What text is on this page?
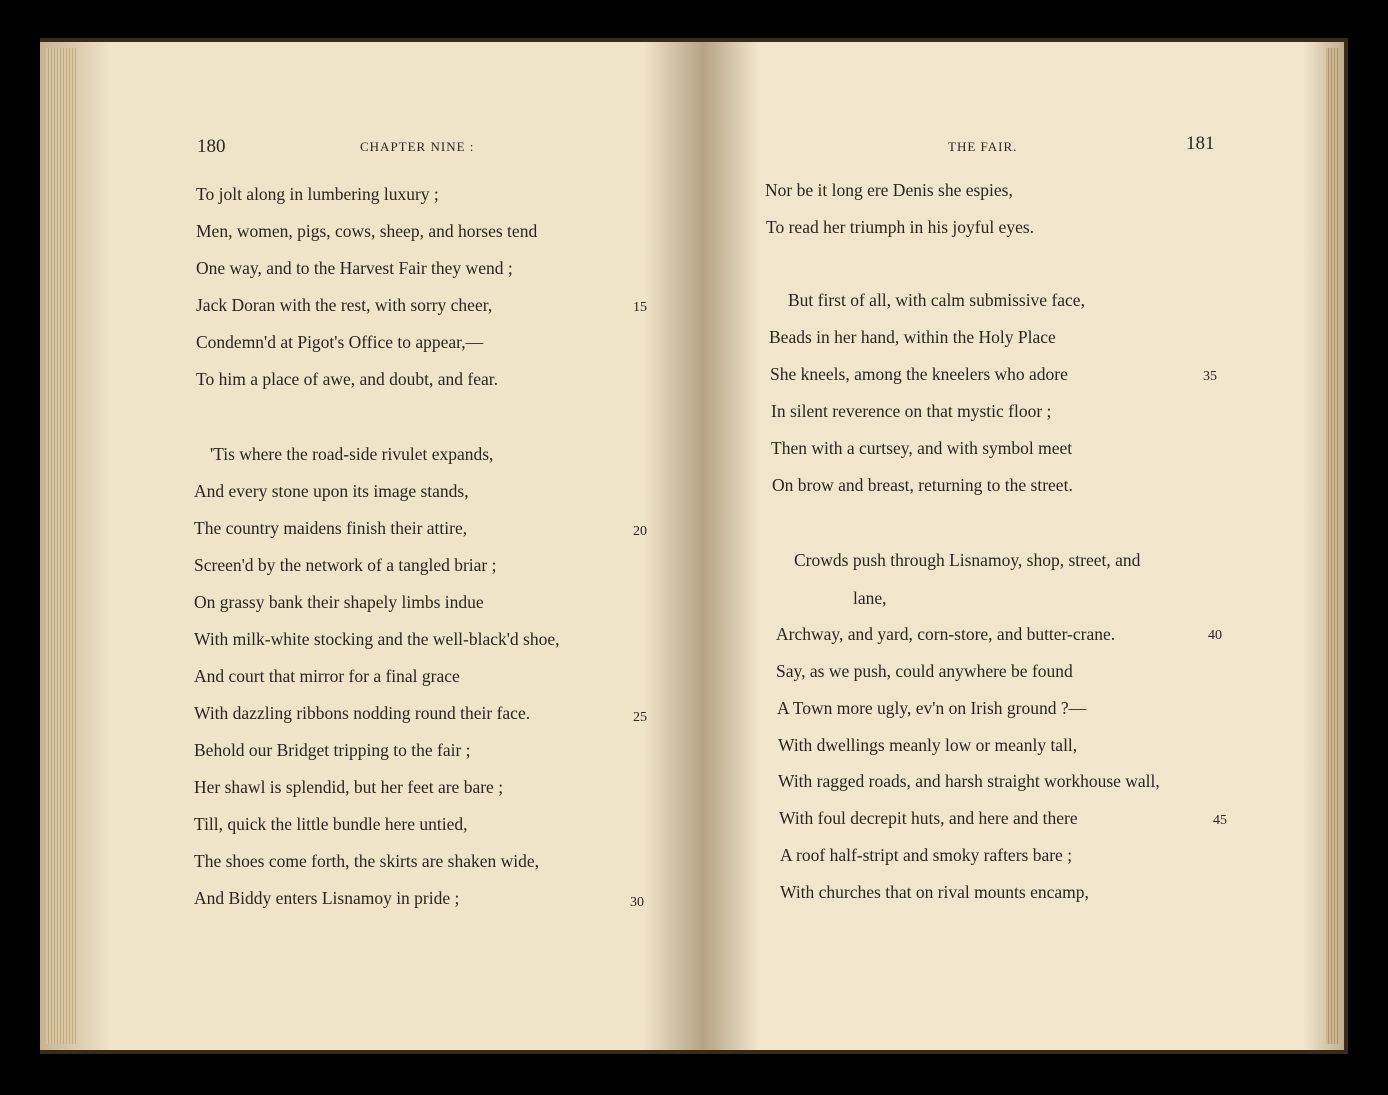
180	CHAPTER NINE :
To jolt along in lumbering luxury ;
Men, women, pigs, cows, sheep, and horses tend
One way, and to the Harvest Fair they wend ;
Jack Doran with the rest, with sorry cheer,	15
Condemn'd at Pigot's Office to appear,—
To him a place of awe, and doubt, and fear.
'Tis where the road-side rivulet expands,
And every stone upon its image stands,
The country maidens finish their attire,	20
Screen'd by the network of a tangled briar ;
On grassy bank their shapely limbs indue
With milk-white stocking and the well-black'd shoe,
And court that mirror for a final grace
With dazzling ribbons nodding round their face.	25
Behold our Bridget tripping to the fair ;
Her shawl is splendid, but her feet are bare ;
Till, quick the little bundle here untied,
The shoes come forth, the skirts are shaken wide,
And Biddy enters Lisnamoy in pride ;	30
THE FAIR.	181
Nor be it long ere Denis she espies,
To read her triumph in his joyful eyes.
But first of all, with calm submissive face,
Beads in her hand, within the Holy Place
She kneels, among the kneelers who adore	35
In silent reverence on that mystic floor ;
Then with a curtsey, and with symbol meet
On brow and breast, returning to the street.
Crowds push through Lisnamoy, shop, street, and
lane,
Archway, and yard, corn-store, and butter-crane.	40
Say, as we push, could anywhere be found
A Town more ugly, ev'n on Irish ground ?—
With dwellings meanly low or meanly tall,
With ragged roads, and harsh straight workhouse wall,
With foul decrepit huts, and here and there	45
A roof half-stript and smoky rafters bare ;
With churches that on rival mounts encamp,
